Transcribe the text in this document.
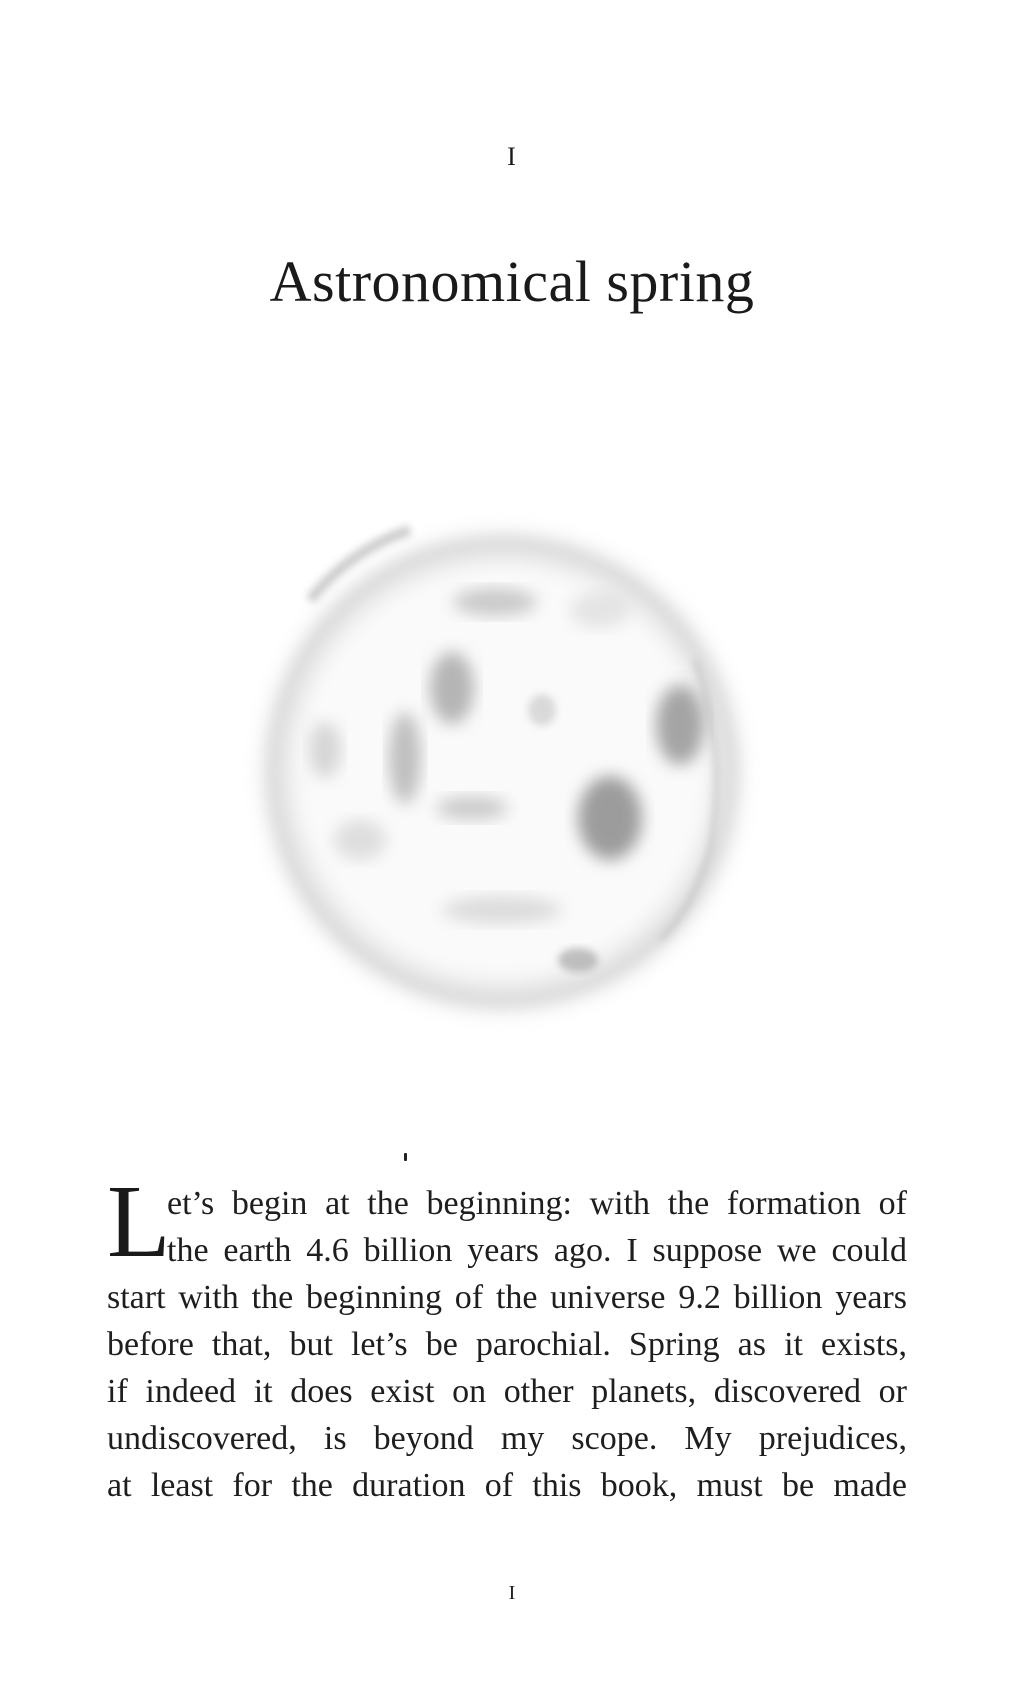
I
Astronomical spring
L
et’s begin at the beginning: with the formation of
the earth 4.6 billion years ago. I suppose we could
start with the beginning of the universe 9.2 billion years
before that, but let’s be parochial. Spring as it exists,
if indeed it does exist on other planets, discovered or
undiscovered, is beyond my scope. My prejudices,
at least for the duration of this book, must be made
I
